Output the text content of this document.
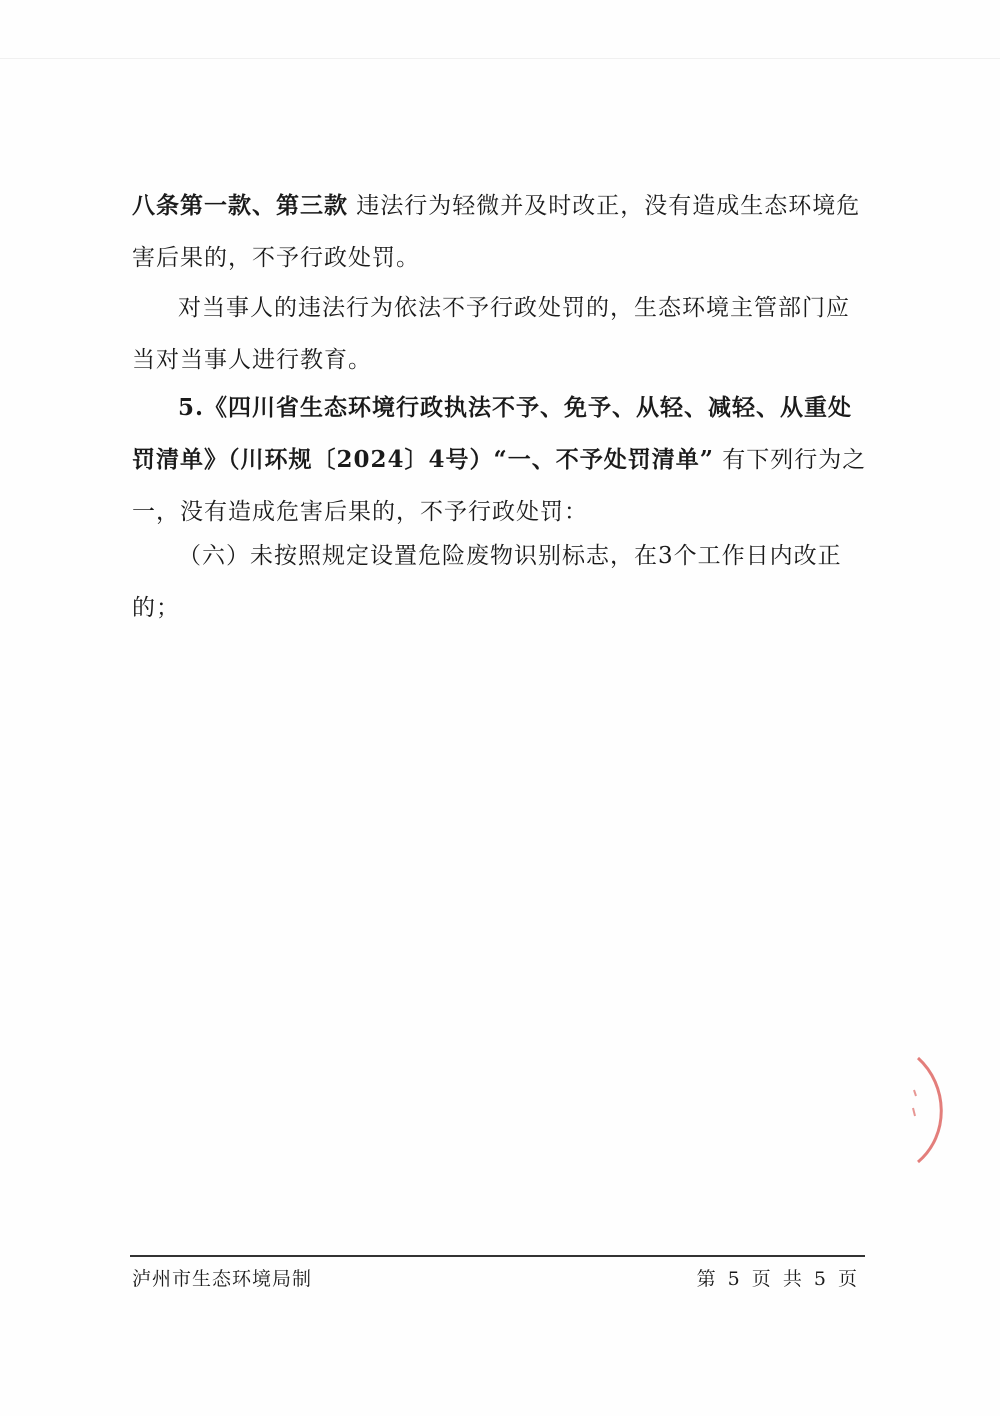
八条第一款、第三款 违法行为轻微并及时改正，没有造成生态环境危害后果的，不予行政处罚。

对当事人的违法行为依法不予行政处罚的，生态环境主管部门应当对当事人进行教育。

5.《四川省生态环境行政执法不予、免予、从轻、减轻、从重处罚清单》（川环规〔2024〕4号）“一、不予处罚清单” 有下列行为之一，没有造成危害后果的，不予行政处罚：

（六）未按照规定设置危险废物识别标志，在3个工作日内改正的；

泸州市生态环境局制	第 5 页 共 5 页
